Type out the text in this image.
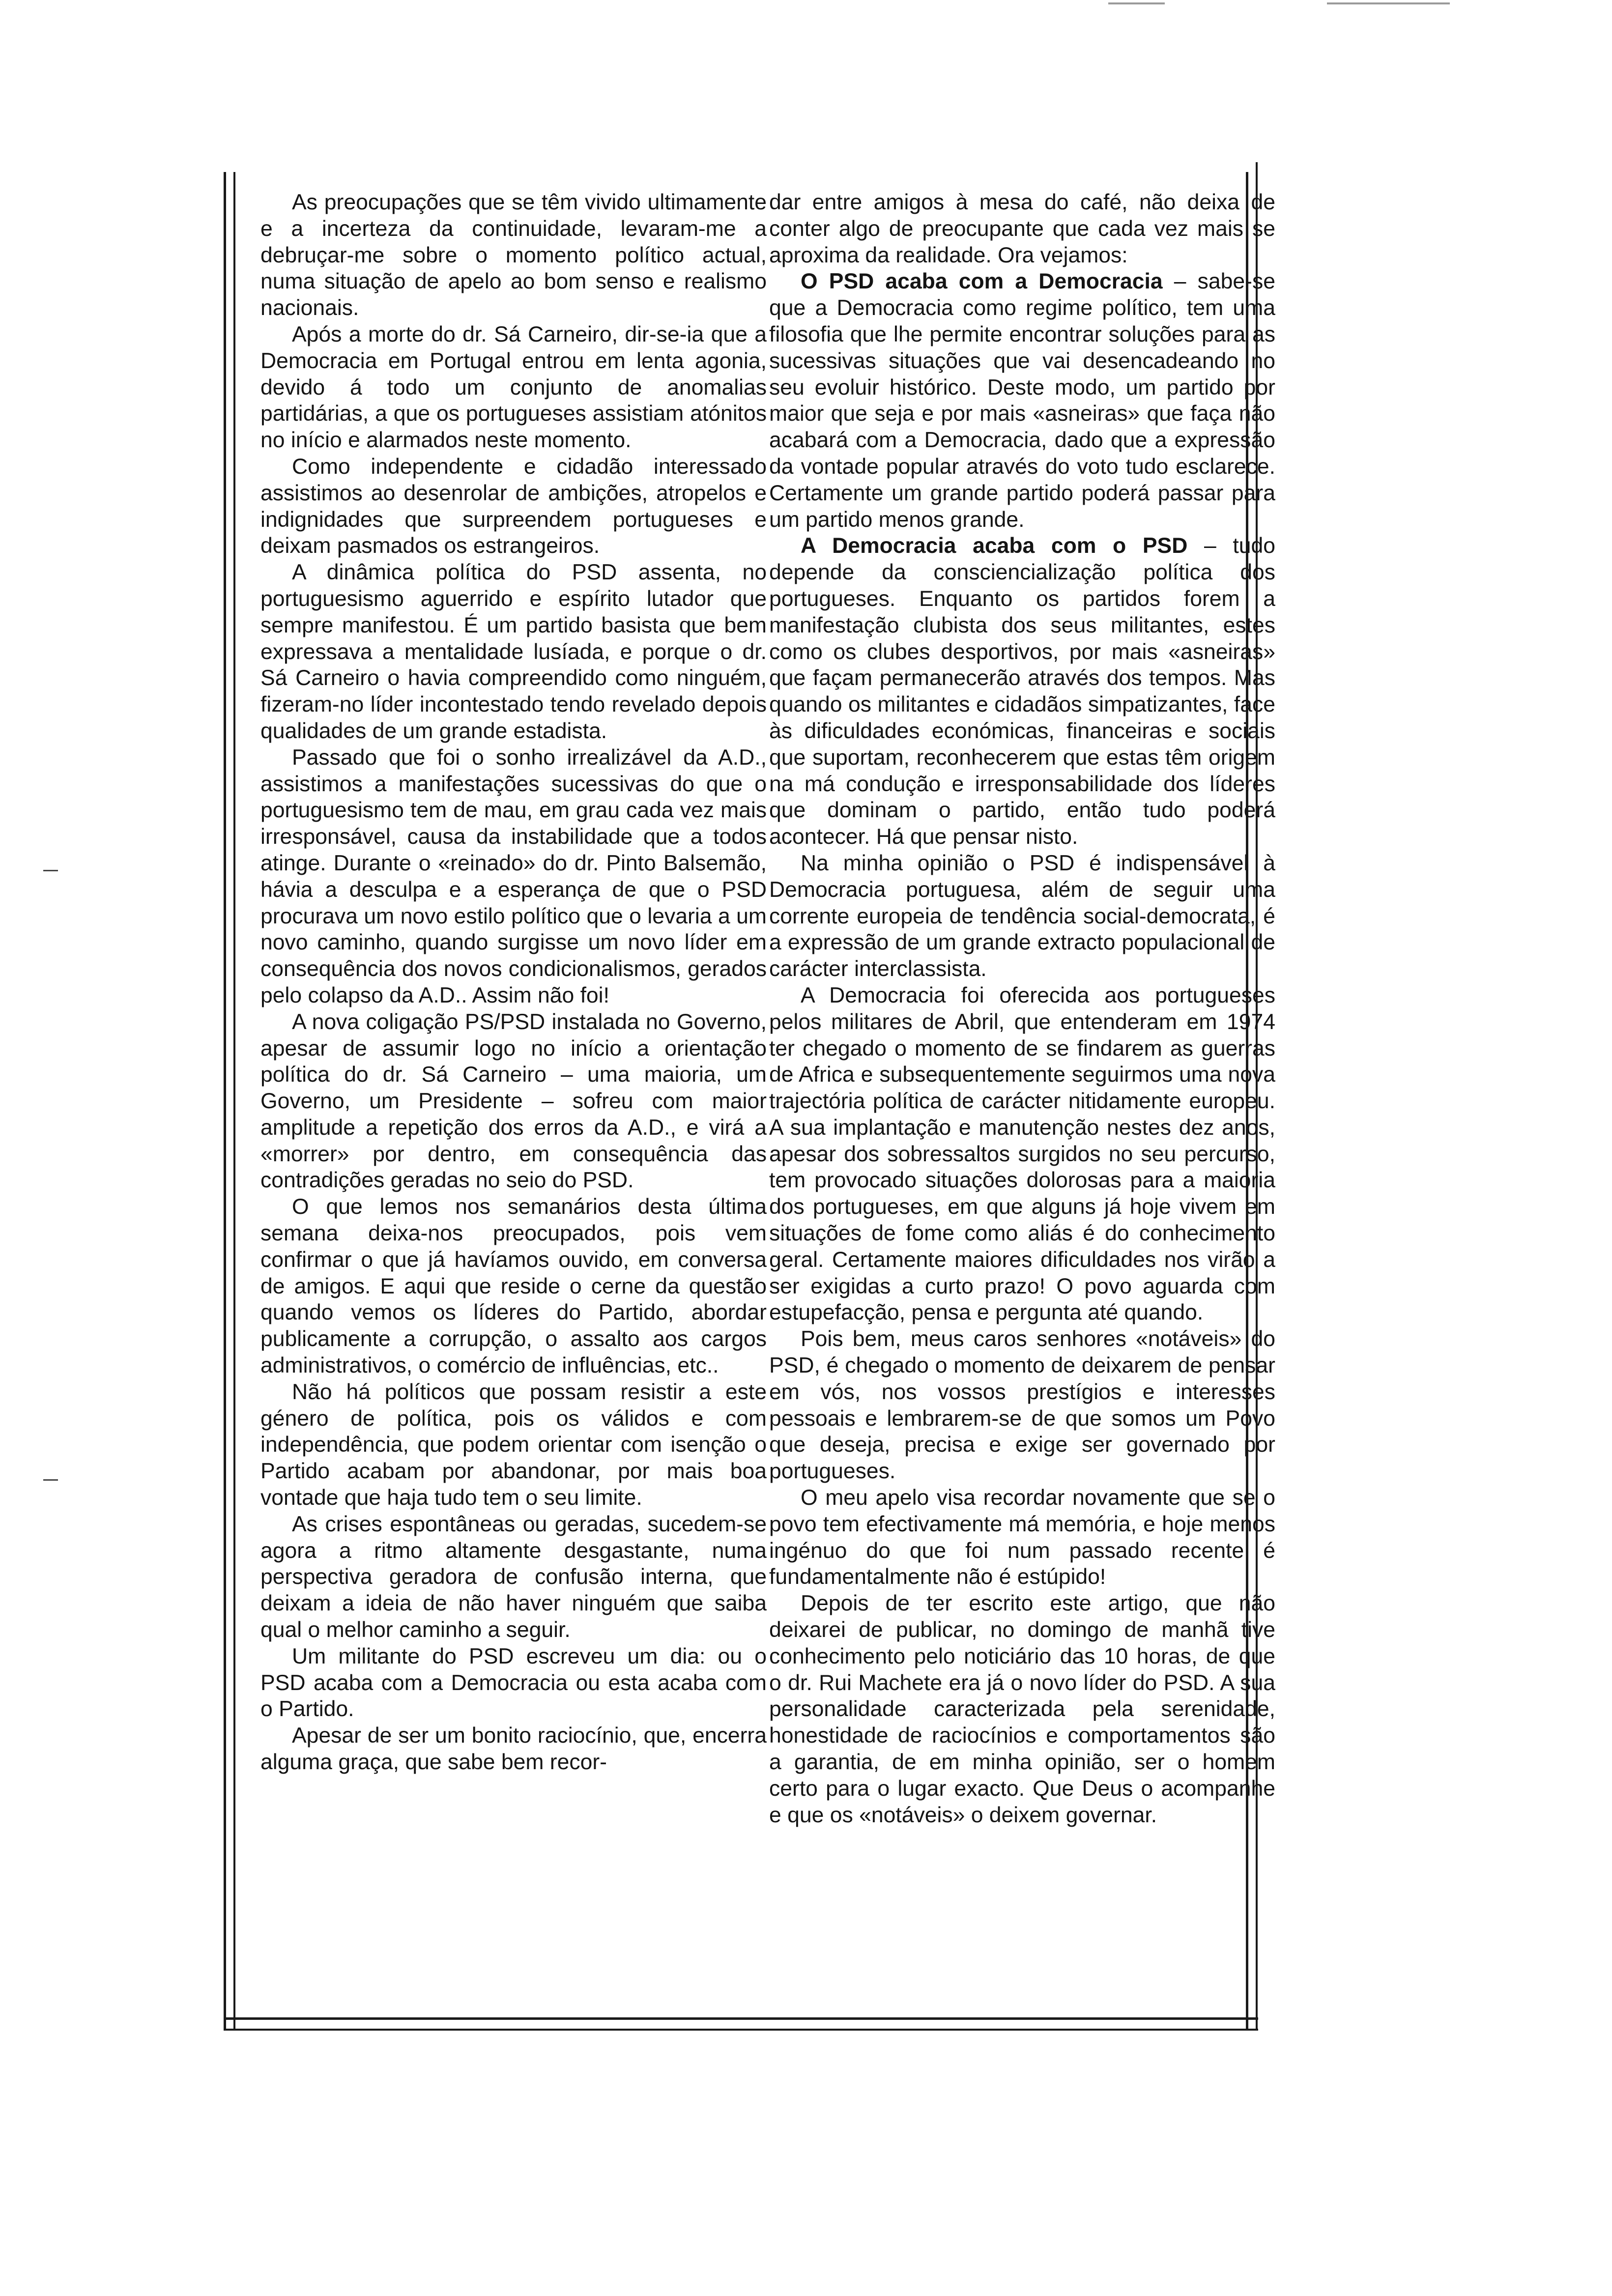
As preocupações que se têm vivido ultimamente e a incerteza da continuidade, levaram-me a debruçar-me sobre o momento político actual, numa situação de apelo ao bom senso e realismo nacionais.

Após a morte do dr. Sá Carneiro, dir-se-ia que a Democracia em Portugal entrou em lenta agonia, devido á todo um conjunto de anomalias partidárias, a que os portugueses assistiam atónitos no início e alarmados neste momento.

Como independente e cidadão interessado assistimos ao desenrolar de ambições, atropelos e indignidades que surpreendem portugueses e deixam pasmados os estrangeiros.

A dinâmica política do PSD assenta, no portuguesismo aguerrido e espírito lutador que sempre manifestou. É um partido basista que bem expressava a mentalidade lusíada, e porque o dr. Sá Carneiro o havia compreendido como ninguém, fizeram-no líder incontestado tendo revelado depois qualidades de um grande estadista.

Passado que foi o sonho irrealizável da A.D., assistimos a manifestações sucessivas do que o portuguesismo tem de mau, em grau cada vez mais irresponsável, causa da instabilidade que a todos atinge. Durante o «reinado» do dr. Pinto Balsemão, hávia a desculpa e a esperança de que o PSD procurava um novo estilo político que o levaria a um novo caminho, quando surgisse um novo líder em consequência dos novos condicionalismos, gerados pelo colapso da A.D.. Assim não foi!

A nova coligação PS/PSD instalada no Governo, apesar de assumir logo no início a orientação política do dr. Sá Carneiro – uma maioria, um Governo, um Presidente – sofreu com maior amplitude a repetição dos erros da A.D., e virá a «morrer» por dentro, em consequência das contradições geradas no seio do PSD.

O que lemos nos semanários desta última semana deixa-nos preocupados, pois vem confirmar o que já havíamos ouvido, em conversa de amigos. E aqui que reside o cerne da questão quando vemos os líderes do Partido, abordar publicamente a corrupção, o assalto aos cargos administrativos, o comércio de influências, etc..

Não há políticos que possam resistir a este género de política, pois os válidos e com independência, que podem orientar com isenção o Partido acabam por abandonar, por mais boa vontade que haja tudo tem o seu limite.

As crises espontâneas ou geradas, sucedem-se agora a ritmo altamente desgastante, numa perspectiva geradora de confusão interna, que deixam a ideia de não haver ninguém que saiba qual o melhor caminho a seguir.

Um militante do PSD escreveu um dia: ou o PSD acaba com a Democracia ou esta acaba com o Partido.

Apesar de ser um bonito raciocínio, que, encerra alguma graça, que sabe bem recor-

dar entre amigos à mesa do café, não deixa de conter algo de preocupante que cada vez mais se aproxima da realidade. Ora vejamos:

O PSD acaba com a Democracia – sabe-se que a Democracia como regime político, tem uma filosofia que lhe permite encontrar soluções para as sucessivas situações que vai desencadeando no seu evoluir histórico. Deste modo, um partido por maior que seja e por mais «asneiras» que faça não acabará com a Democracia, dado que a expressão da vontade popular através do voto tudo esclarece. Certamente um grande partido poderá passar para um partido menos grande.

A Democracia acaba com o PSD – tudo depende da consciencialização política dos portugueses. Enquanto os partidos forem a manifestação clubista dos seus militantes, estes como os clubes desportivos, por mais «asneiras» que façam permanecerão através dos tempos. Mas quando os militantes e cidadãos simpatizantes, face às dificuldades económicas, financeiras e sociais que suportam, reconhecerem que estas têm origem na má condução e irresponsabilidade dos líderes que dominam o partido, então tudo poderá acontecer. Há que pensar nisto.

Na minha opinião o PSD é indispensável à Democracia portuguesa, além de seguir uma corrente europeia de tendência social-democrata, é a expressão de um grande extracto populacional de carácter interclassista.

A Democracia foi oferecida aos portugueses pelos militares de Abril, que entenderam em 1974 ter chegado o momento de se findarem as guerras de Africa e subsequentemente seguirmos uma nova trajectória política de carácter nitidamente europeu. A sua implantação e manutenção nestes dez anos, apesar dos sobressaltos surgidos no seu percurso, tem provocado situações dolorosas para a maioria dos portugueses, em que alguns já hoje vivem em situações de fome como aliás é do conhecimento geral. Certamente maiores dificuldades nos virão a ser exigidas a curto prazo! O povo aguarda com estupefacção, pensa e pergunta até quando.

Pois bem, meus caros senhores «notáveis» do PSD, é chegado o momento de deixarem de pensar em vós, nos vossos prestígios e interesses pessoais e lembrarem-se de que somos um Povo que deseja, precisa e exige ser governado por portugueses.

O meu apelo visa recordar novamente que se o povo tem efectivamente má memória, e hoje menos ingénuo do que foi num passado recente é fundamentalmente não é estúpido!

Depois de ter escrito este artigo, que não deixarei de publicar, no domingo de manhã tive conhecimento pelo noticiário das 10 horas, de que o dr. Rui Machete era já o novo líder do PSD. A sua personalidade caracterizada pela serenidade, honestidade de raciocínios e comportamentos são a garantia, de em minha opinião, ser o homem certo para o lugar exacto. Que Deus o acompanhe e que os «notáveis» o deixem governar.
